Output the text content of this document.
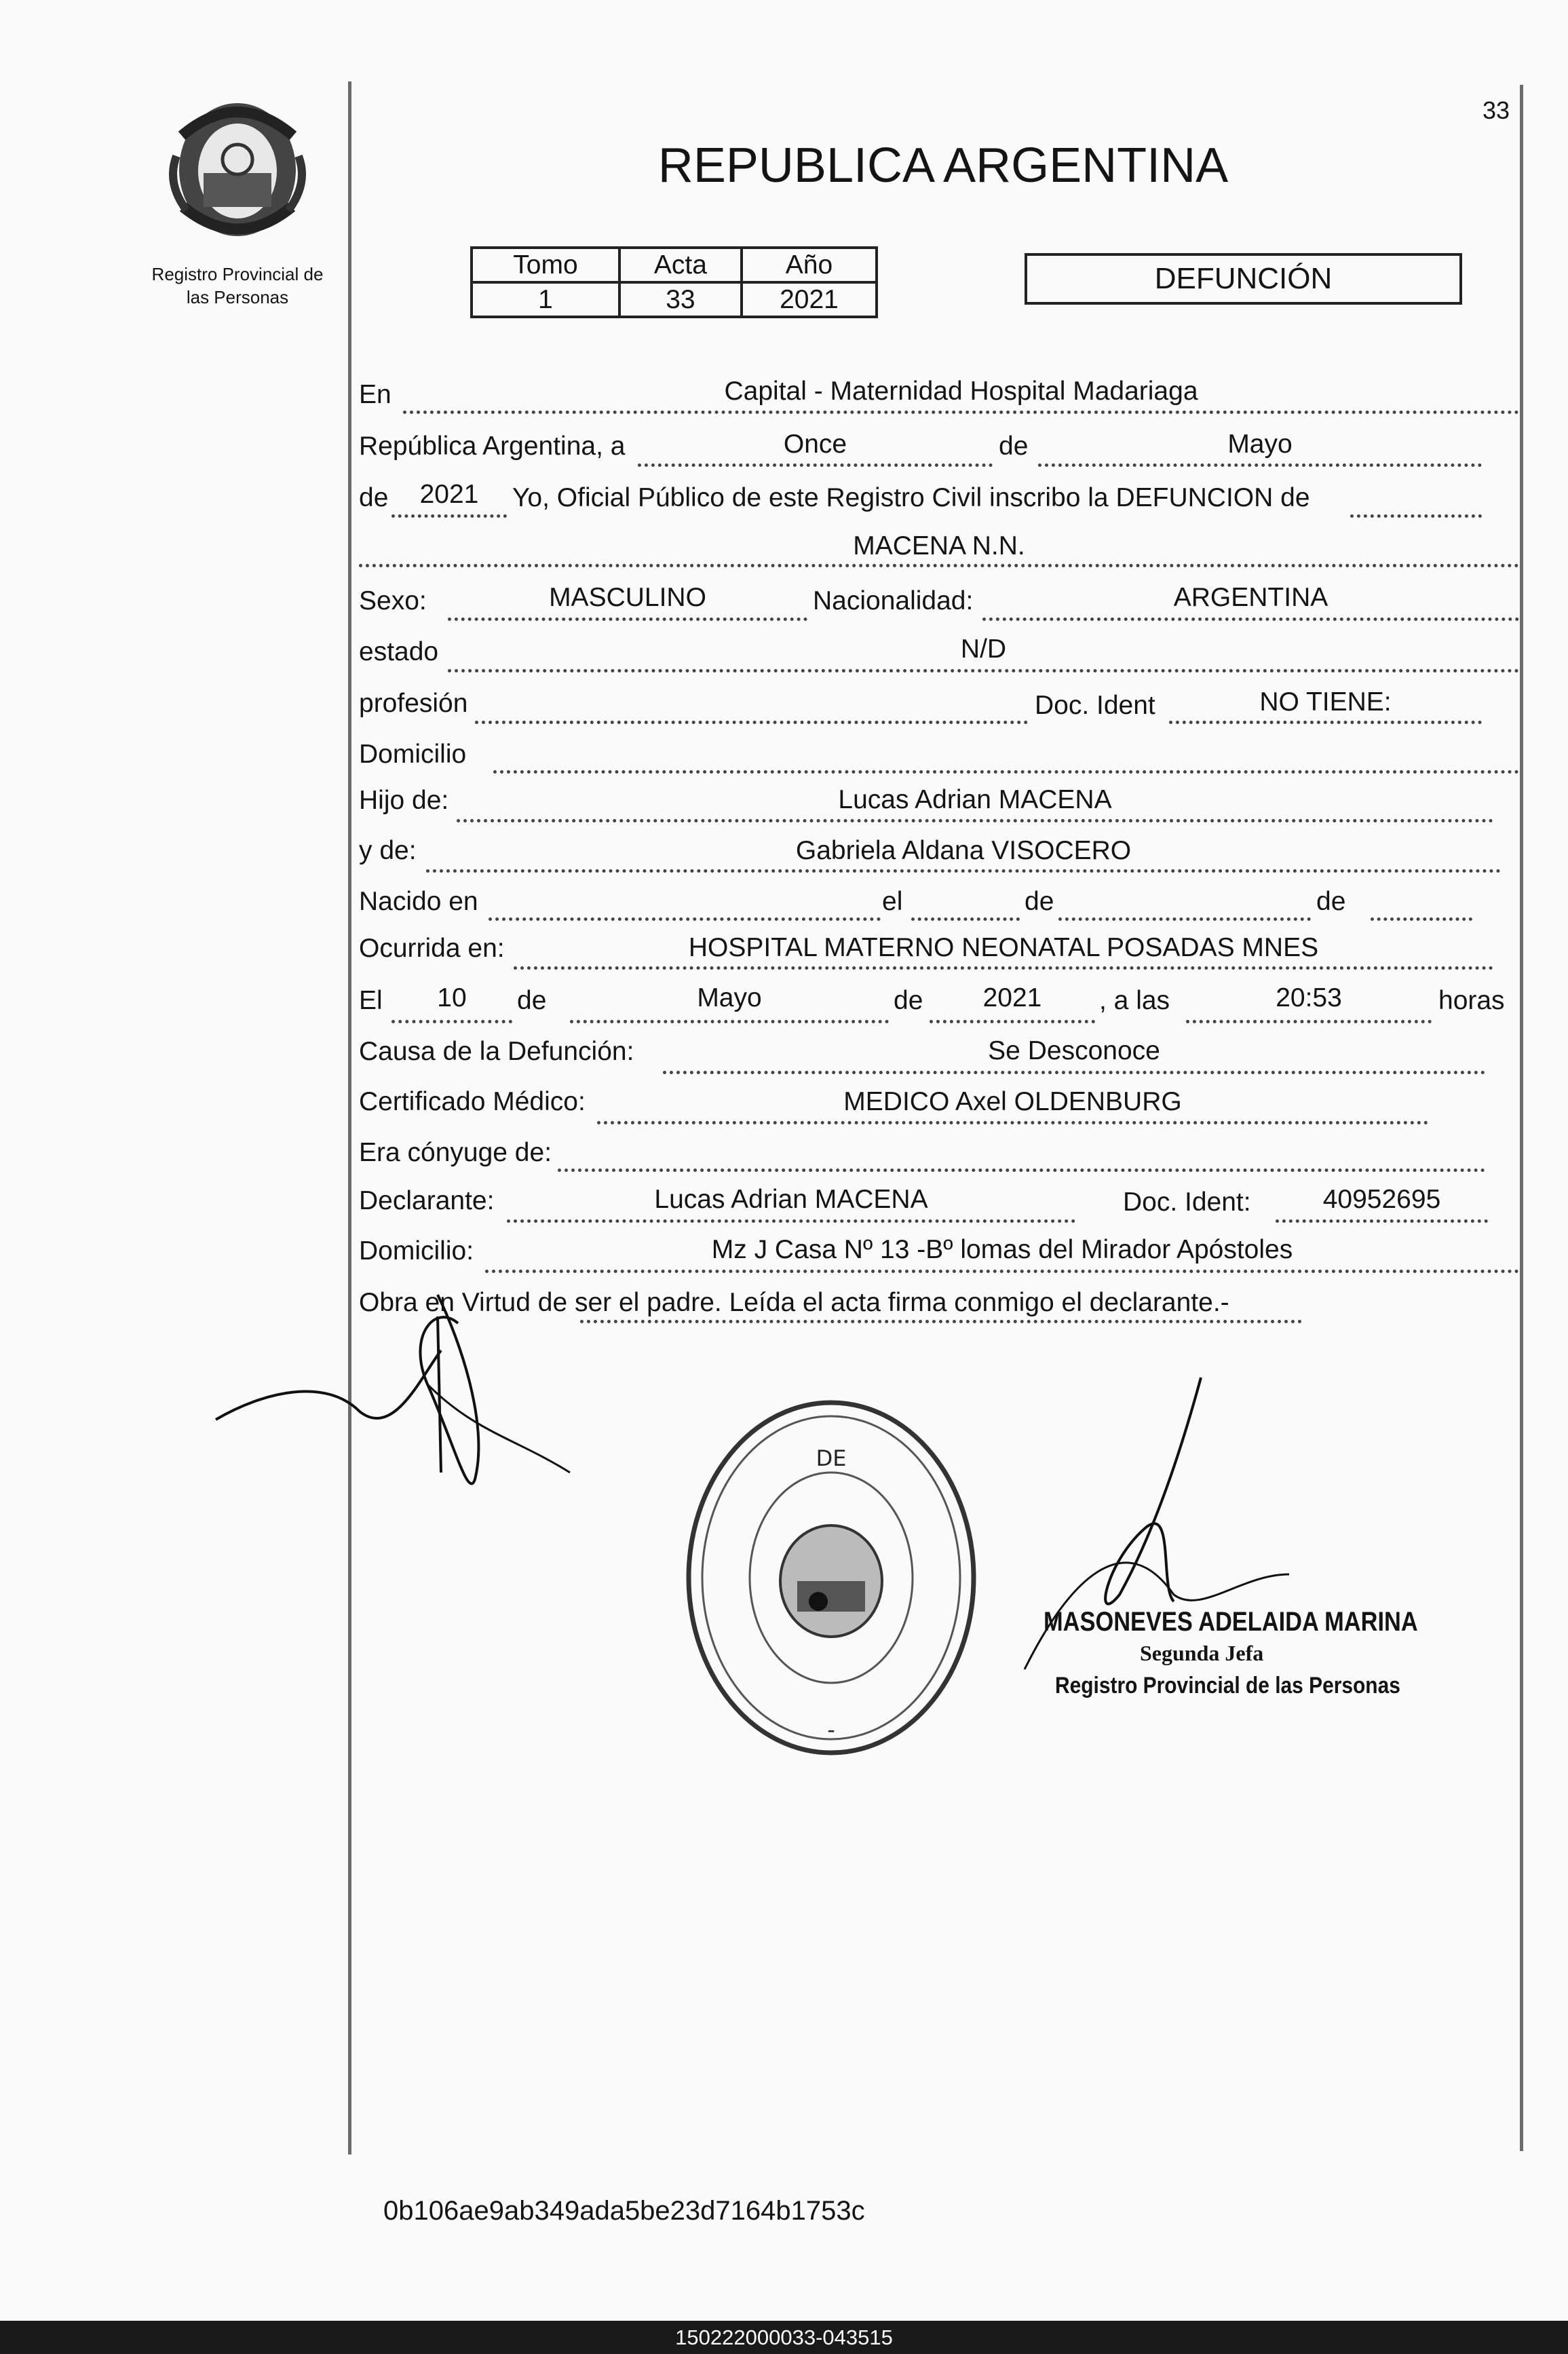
Registro Provincial de
las Personas
33
REPUBLICA ARGENTINA
Tomo	Acta	Año
1	33	2021
DEFUNCIÓN
En	Capital - Maternidad Hospital Madariaga
República Argentina, a	Once	de	Mayo
de	2021	Yo, Oficial Público de este Registro Civil inscribo la DEFUNCION de
MACENA N.N.
Sexo:	MASCULINO	Nacionalidad:	ARGENTINA
estado	N/D
profesión	Doc. Ident	NO TIENE:
Domicilio
Hijo de:	Lucas Adrian MACENA
y de:	Gabriela Aldana VISOCERO
Nacido en	el	de	de
Ocurrida en:	HOSPITAL MATERNO NEONATAL POSADAS MNES
El	10	de	Mayo	de	2021	, a las	20:53	horas
Causa de la Defunción:	Se Desconoce
Certificado Médico:	MEDICO Axel OLDENBURG
Era cónyuge de:
Declarante:	Lucas Adrian MACENA	Doc. Ident:	40952695
Domicilio:	Mz J Casa Nº 13 -Bº lomas del Mirador Apóstoles
Obra en Virtud de ser el padre. Leída el acta firma conmigo el declarante.-
DE
-
MASONEVES ADELAIDA MARINA
Segunda Jefa
Registro Provincial de las Personas
0b106ae9ab349ada5be23d7164b1753c
150222000033-043515
